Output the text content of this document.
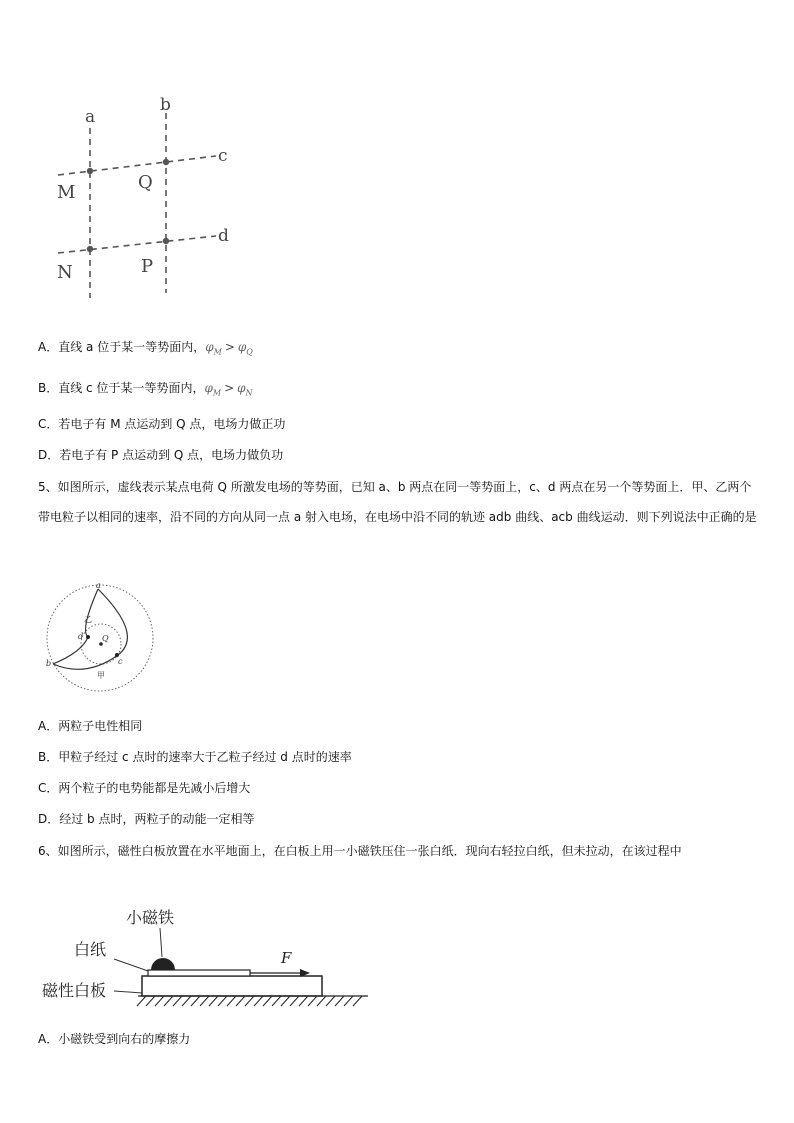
a
b
c
d
M	Q
N	P
A．直线 a 位于某一等势面内，$\varphi_M > \varphi_Q$
B．直线 c 位于某一等势面内，$\varphi_M > \varphi_N$
C．若电子有 M 点运动到 Q 点，电场力做正功
D．若电子有 P 点运动到 Q 点，电场力做负功
5、如图所示，虚线表示某点电荷 Q 所激发电场的等势面，已知 a、b 两点在同一等势面上，c、d 两点在另一个等势面上．甲、乙两个带电粒子以相同的速率，沿不同的方向从同一点 a 射入电场，在电场中沿不同的轨迹 adb 曲线、acb 曲线运动．则下列说法中正确的是
a
b	c
d Q
乙
甲
A．两粒子电性相同
B．甲粒子经过 c 点时的速率大于乙粒子经过 d 点时的速率
C．两个粒子的电势能都是先减小后增大
D．经过 b 点时，两粒子的动能一定相等
6、如图所示，磁性白板放置在水平地面上，在白板上用一小磁铁压住一张白纸．现向右轻拉白纸，但未拉动，在该过程中
小磁铁
白纸
磁性白板
F
A．小磁铁受到向右的摩擦力
